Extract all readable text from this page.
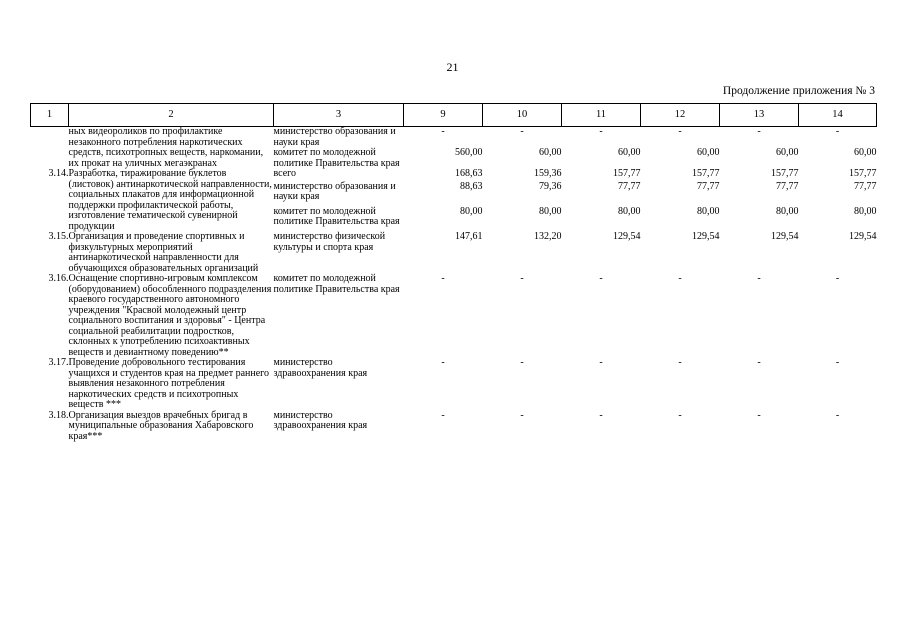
21
Продолжение приложения № 3
1	2	3	9	10	11	12	13	14
	ных видеороликов по профилактике незаконного потребления наркотических средств, психотропных веществ, наркомании, их прокат на уличных мегаэкранах	министерство образования и науки края	-	-	-	-	-	-
		комитет по молодежной политике Правительства края	560,00	60,00	60,00	60,00	60,00	60,00
3.14.	Разработка, тиражирование буклетов (листовок) антинаркотической направленности, социальных плакатов для информационной поддержки профилактической работы, изготовление тематической сувенирной продукции	всего	168,63	159,36	157,77	157,77	157,77	157,77
		министерство образования и науки края	88,63	79,36	77,77	77,77	77,77	77,77
		комитет по молодежной политике Правительства края	80,00	80,00	80,00	80,00	80,00	80,00
3.15.	Организация и проведение спортивных и физкультурных мероприятий антинаркотической направленности для обучающихся образовательных организаций	министерство физической культуры и спорта края	147,61	132,20	129,54	129,54	129,54	129,54
3.16.	Оснащение спортивно-игровым комплексом (оборудованием) обособленного подразделения краевого государственного автономного учреждения "Красвой молодежный центр социального воспитания и здоровья" - Центра социальной реабилитации подростков, склонных к употреблению психоактивных веществ и девиантному поведению**	комитет по молодежной политике Правительства края	-	-	-	-	-	-
3.17.	Проведение добровольного тестирования учащихся и студентов края на предмет раннего выявления незаконного потребления наркотических средств и психотропных веществ ***	министерство здравоохранения края	-	-	-	-	-	-
3.18.	Организация выездов врачебных бригад в муниципальные образования Хабаровского края***	министерство здравоохранения края	-	-	-	-	-	-
